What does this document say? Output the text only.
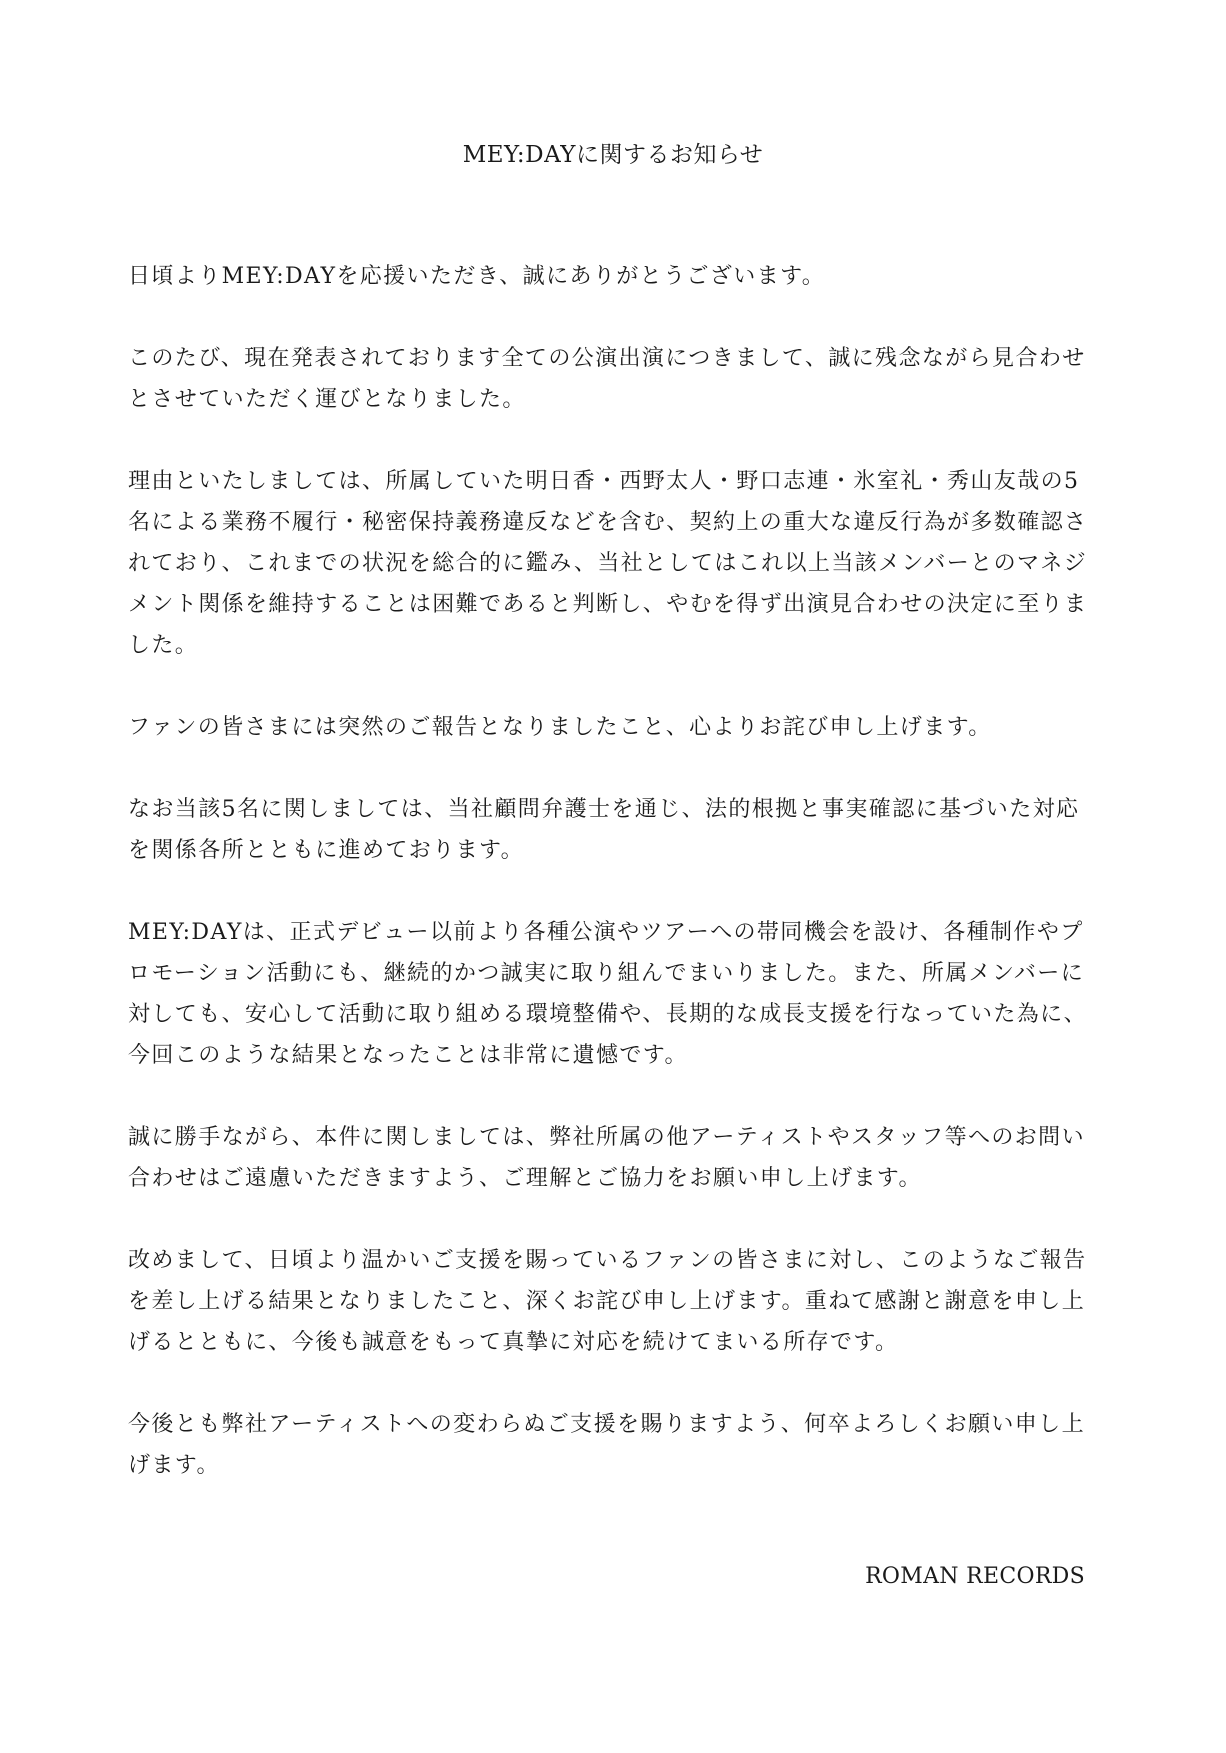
MEY:DAYに関するお知らせ

日頃よりMEY:DAYを応援いただき、誠にありがとうございます。

このたび、現在発表されております全ての公演出演につきまして、誠に残念ながら見合わせ
とさせていただく運びとなりました。

理由といたしましては、所属していた明日香・西野太人・野口志連・氷室礼・秀山友哉の5
名による業務不履行・秘密保持義務違反などを含む、契約上の重大な違反行為が多数確認さ
れており、これまでの状況を総合的に鑑み、当社としてはこれ以上当該メンバーとのマネジ
メント関係を維持することは困難であると判断し、やむを得ず出演見合わせの決定に至りま
した。

ファンの皆さまには突然のご報告となりましたこと、心よりお詫び申し上げます。

なお当該5名に関しましては、当社顧問弁護士を通じ、法的根拠と事実確認に基づいた対応
を関係各所とともに進めております。

MEY:DAYは、正式デビュー以前より各種公演やツアーへの帯同機会を設け、各種制作やプ
ロモーション活動にも、継続的かつ誠実に取り組んでまいりました。また、所属メンバーに
対しても、安心して活動に取り組める環境整備や、長期的な成長支援を行なっていた為に、
今回このような結果となったことは非常に遺憾です。

誠に勝手ながら、本件に関しましては、弊社所属の他アーティストやスタッフ等へのお問い
合わせはご遠慮いただきますよう、ご理解とご協力をお願い申し上げます。

改めまして、日頃より温かいご支援を賜っているファンの皆さまに対し、このようなご報告
を差し上げる結果となりましたこと、深くお詫び申し上げます。重ねて感謝と謝意を申し上
げるとともに、今後も誠意をもって真摯に対応を続けてまいる所存です。

今後とも弊社アーティストへの変わらぬご支援を賜りますよう、何卒よろしくお願い申し上
げます。

ROMAN RECORDS
